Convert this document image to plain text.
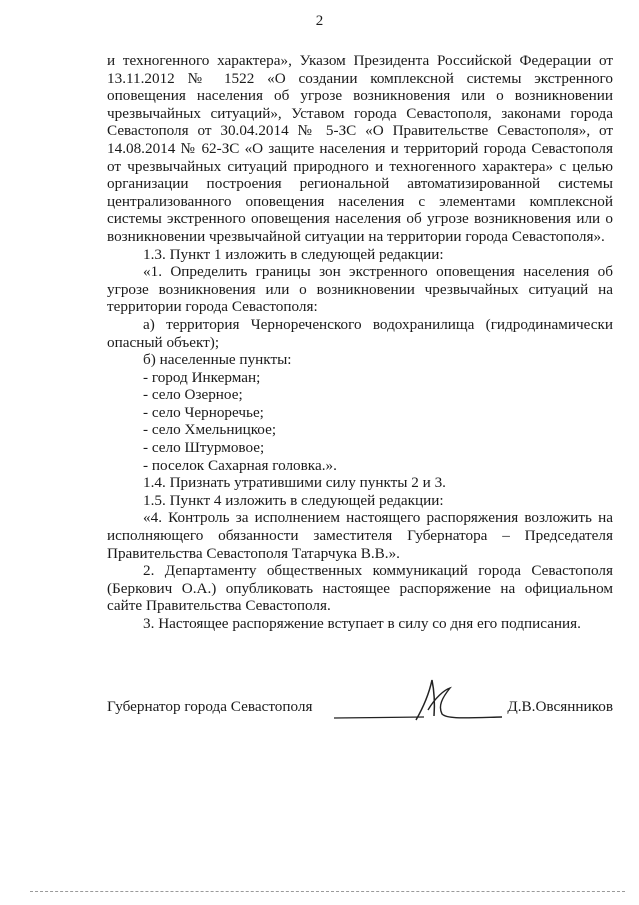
2

и техногенного характера», Указом Президента Российской Федерации от 13.11.2012 № 1522 «О создании комплексной системы экстренного оповещения населения об угрозе возникновения или о возникновении чрезвычайных ситуаций», Уставом города Севастополя, законами города Севастополя от 30.04.2014 № 5-ЗС «О Правительстве Севастополя», от 14.08.2014 № 62-ЗС «О защите населения и территорий города Севастополя от чрезвычайных ситуаций природного и техногенного характера» с целью организации построения региональной автоматизированной системы централизованного оповещения населения с элементами комплексной системы экстренного оповещения населения об угрозе возникновения или о возникновении чрезвычайной ситуации на территории города Севастополя».

1.3. Пункт 1 изложить в следующей редакции:

«1. Определить границы зон экстренного оповещения населения об угрозе возникновения или о возникновении чрезвычайных ситуаций на территории города Севастополя:

а) территория Чернореченского водохранилища (гидродинамически опасный объект);

б) населенные пункты:

- город Инкерман;

- село Озерное;

- село Черноречье;

- село Хмельницкое;

- село Штурмовое;

- поселок Сахарная головка.».

1.4. Признать утратившими силу пункты 2 и 3.

1.5. Пункт 4 изложить в следующей редакции:

«4. Контроль за исполнением настоящего распоряжения возложить на исполняющего обязанности заместителя Губернатора – Председателя Правительства Севастополя Татарчука В.В.».

2. Департаменту общественных коммуникаций города Севастополя (Беркович О.А.) опубликовать настоящее распоряжение на официальном сайте Правительства Севастополя.

3. Настоящее распоряжение вступает в силу со дня его подписания.

Губернатор города Севастополя	Д.В.Овсянников
